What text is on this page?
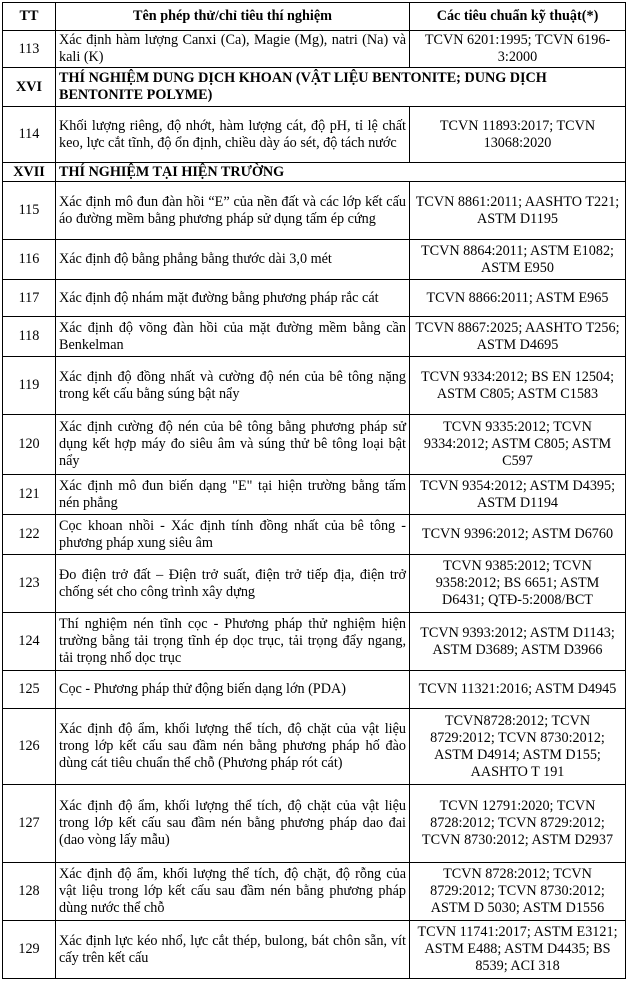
TT	Tên phép thử/chỉ tiêu thí nghiệm	Các tiêu chuẩn kỹ thuật(*)
113	Xác định hàm lượng Canxi (Ca), Magie (Mg), natri (Na) và kali (K)	TCVN 6201:1995; TCVN 6196-3:2000
XVI	THÍ NGHIỆM DUNG DỊCH KHOAN (VẬT LIỆU BENTONITE; DUNG DỊCH BENTONITE POLYME)	
114	Khối lượng riêng, độ nhớt, hàm lượng cát, độ pH, tỉ lệ chất keo, lực cắt tĩnh, độ ổn định, chiều dày áo sét, độ tách nước	TCVN 11893:2017; TCVN 13068:2020
XVII	THÍ NGHIỆM TẠI HIỆN TRƯỜNG	
115	Xác định mô đun đàn hồi “E” của nền đất và các lớp kết cấu áo đường mềm bằng phương pháp sử dụng tấm ép cứng	TCVN 8861:2011; AASHTO T221; ASTM D1195
116	Xác định độ bằng phẳng bằng thước dài 3,0 mét	TCVN 8864:2011; ASTM E1082; ASTM E950
117	Xác định độ nhám mặt đường bằng phương pháp rắc cát	TCVN 8866:2011; ASTM E965
118	Xác định độ võng đàn hồi của mặt đường mềm bằng cần Benkelman	TCVN 8867:2025; AASHTO T256; ASTM D4695
119	Xác định độ đồng nhất và cường độ nén của bê tông nặng trong kết cấu bằng súng bật nẩy	TCVN 9334:2012; BS EN 12504; ASTM C805; ASTM C1583
120	Xác định cường độ nén của bê tông bằng phương pháp sử dụng kết hợp máy đo siêu âm và súng thử bê tông loại bật nẩy	TCVN 9335:2012; TCVN 9334:2012; ASTM C805; ASTM C597
121	Xác định mô đun biến dạng "E" tại hiện trường bằng tấm nén phẳng	TCVN 9354:2012; ASTM D4395; ASTM D1194
122	Cọc khoan nhồi - Xác định tính đồng nhất của bê tông - phương pháp xung siêu âm	TCVN 9396:2012; ASTM D6760
123	Đo điện trở đất – Điện trở suất, điện trở tiếp địa, điện trở chống sét cho công trình xây dựng	TCVN 9385:2012; TCVN 9358:2012; BS 6651; ASTM D6431; QTĐ-5:2008/BCT
124	Thí nghiệm nén tĩnh cọc - Phương pháp thử nghiệm hiện trường bằng tải trọng tĩnh ép dọc trục, tải trọng đẩy ngang, tải trọng nhổ dọc trục	TCVN 9393:2012; ASTM D1143; ASTM D3689; ASTM D3966
125	Cọc - Phương pháp thử động biến dạng lớn (PDA)	TCVN 11321:2016; ASTM D4945
126	Xác định độ ẩm, khối lượng thể tích, độ chặt của vật liệu trong lớp kết cấu sau đầm nén bằng phương pháp hố đào dùng cát tiêu chuẩn thể chỗ (Phương pháp rót cát)	TCVN8728:2012; TCVN 8729:2012; TCVN 8730:2012; ASTM D4914; ASTM D155; AASHTO T 191
127	Xác định độ ẩm, khối lượng thể tích, độ chặt của vật liệu trong lớp kết cấu sau đầm nén bằng phương pháp dao đai (dao vòng lấy mẫu)	TCVN 12791:2020; TCVN 8728:2012; TCVN 8729:2012; TCVN 8730:2012; ASTM D2937
128	Xác định độ ẩm, khối lượng thể tích, độ chặt, độ rỗng của vật liệu trong lớp kết cấu sau đầm nén bằng phương pháp dùng nước thể chỗ	TCVN 8728:2012; TCVN 8729:2012; TCVN 8730:2012; ASTM D 5030; ASTM D1556
129	Xác định lực kéo nhổ, lực cắt thép, bulong, bát chôn sẵn, vít cấy trên kết cấu	TCVN 11741:2017; ASTM E3121; ASTM E488; ASTM D4435; BS 8539; ACI 318
